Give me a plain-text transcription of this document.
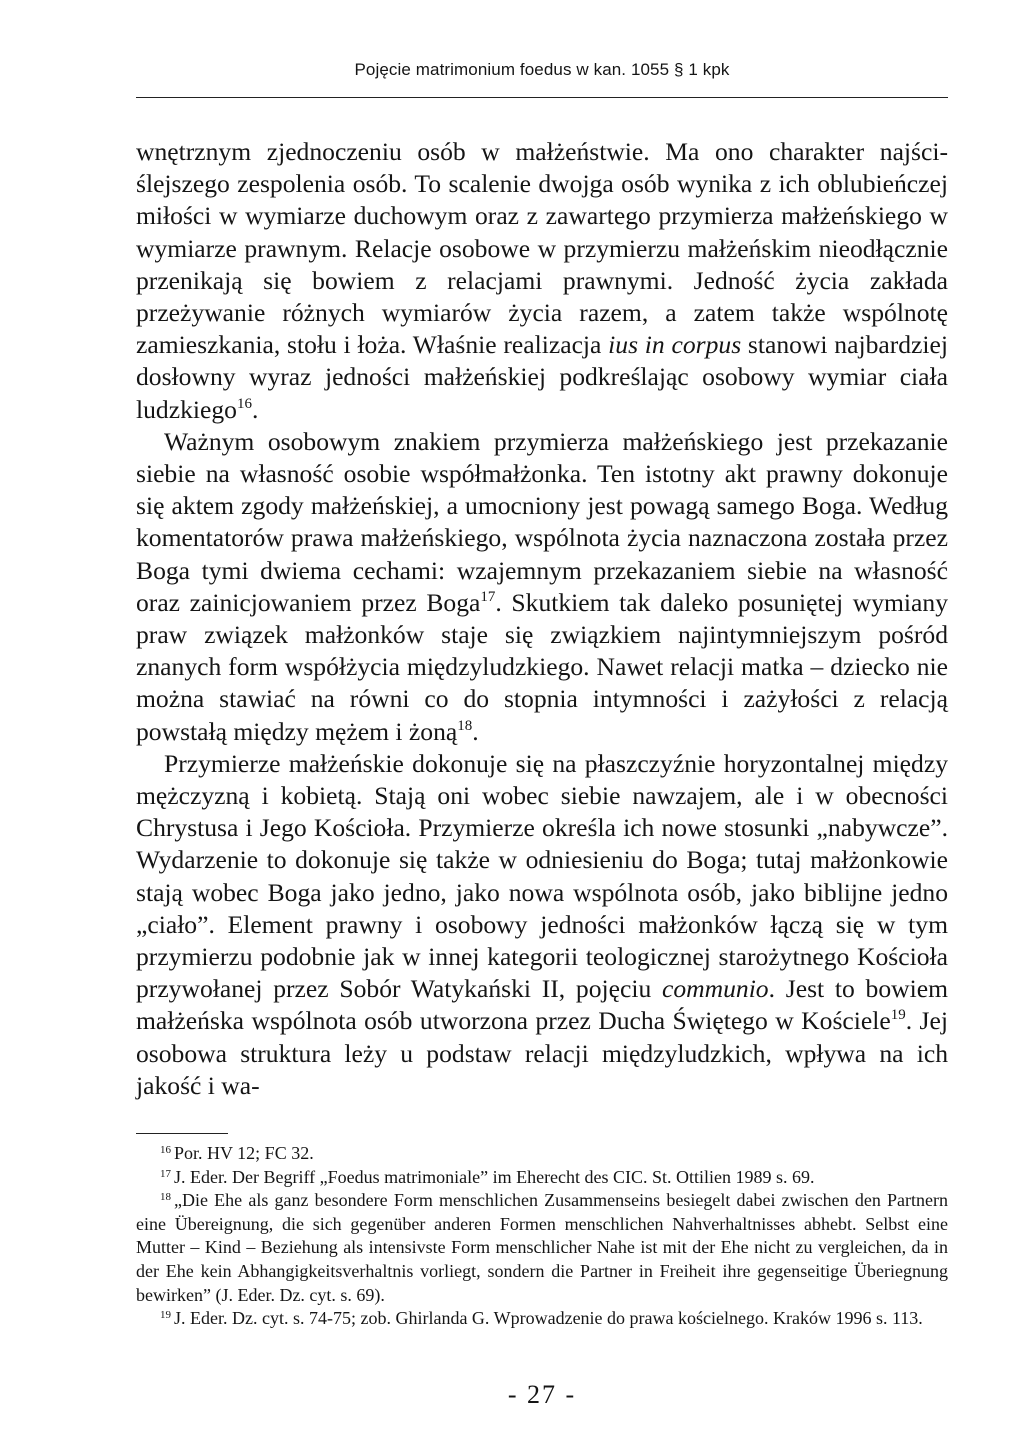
Pojęcie matrimonium foedus w kan. 1055 § 1 kpk

wnętrznym zjednoczeniu osób w małżeństwie. Ma ono charakter najściślejszego zespolenia osób. To scalenie dwojga osób wynika z ich oblubieńczej miłości w wymiarze duchowym oraz z zawartego przymierza małżeńskiego w wymiarze prawnym. Relacje osobowe w przymierzu małżeńskim nieodłącznie przenikają się bowiem z relacjami prawnymi. Jedność życia zakłada przeżywanie różnych wymiarów życia razem, a zatem także wspólnotę zamieszkania, stołu i łoża. Właśnie realizacja ius in corpus stanowi najbardziej dosłowny wyraz jedności małżeńskiej podkreślając osobowy wymiar ciała ludzkiego$^{16}$.

Ważnym osobowym znakiem przymierza małżeńskiego jest przekazanie siebie na własność osobie współmałżonka. Ten istotny akt prawny dokonuje się aktem zgody małżeńskiej, a umocniony jest powagą samego Boga. Według komentatorów prawa małżeńskiego, wspólnota życia naznaczona została przez Boga tymi dwiema cechami: wzajemnym przekazaniem siebie na własność oraz zainicjowaniem przez Boga$^{17}$. Skutkiem tak daleko posuniętej wymiany praw związek małżonków staje się związkiem najintymniejszym pośród znanych form współżycia międzyludzkiego. Nawet relacji matka – dziecko nie można stawiać na równi co do stopnia intymności i zażyłości z relacją powstałą między mężem i żoną$^{18}$.

Przymierze małżeńskie dokonuje się na płaszczyźnie horyzontalnej między mężczyzną i kobietą. Stają oni wobec siebie nawzajem, ale i w obecności Chrystusa i Jego Kościoła. Przymierze określa ich nowe stosunki „nabywcze”. Wydarzenie to dokonuje się także w odniesieniu do Boga; tutaj małżonkowie stają wobec Boga jako jedno, jako nowa wspólnota osób, jako biblijne jedno „ciało”. Element prawny i osobowy jedności małżonków łączą się w tym przymierzu podobnie jak w innej kategorii teologicznej starożytnego Kościoła przywołanej przez Sobór Watykański II, pojęciu communio. Jest to bowiem małżeńska wspólnota osób utworzona przez Ducha Świętego w Kościele$^{19}$. Jej osobowa struktura leży u podstaw relacji międzyludzkich, wpływa na ich jakość i wa-

$^{16}$ Por. HV 12; FC 32.

$^{17}$ J. Eder. Der Begriff „Foedus matrimoniale” im Eherecht des CIC. St. Ottilien 1989 s. 69.

$^{18}$ „Die Ehe als ganz besondere Form menschlichen Zusammenseins besiegelt dabei zwischen den Partnern eine Übereignung, die sich gegenüber anderen Formen menschlichen Nahverhaltnisses abhebt. Selbst eine Mutter – Kind – Beziehung als intensivste Form menschlicher Nahe ist mit der Ehe nicht zu vergleichen, da in der Ehe kein Abhangigkeitsverhaltnis vorliegt, sondern die Partner in Freiheit ihre gegenseitige Überiegnung bewirken” (J. Eder. Dz. cyt. s. 69).

$^{19}$ J. Eder. Dz. cyt. s. 74-75; zob. Ghirlanda G. Wprowadzenie do prawa kościelnego. Kraków 1996 s. 113.

- 27 -
